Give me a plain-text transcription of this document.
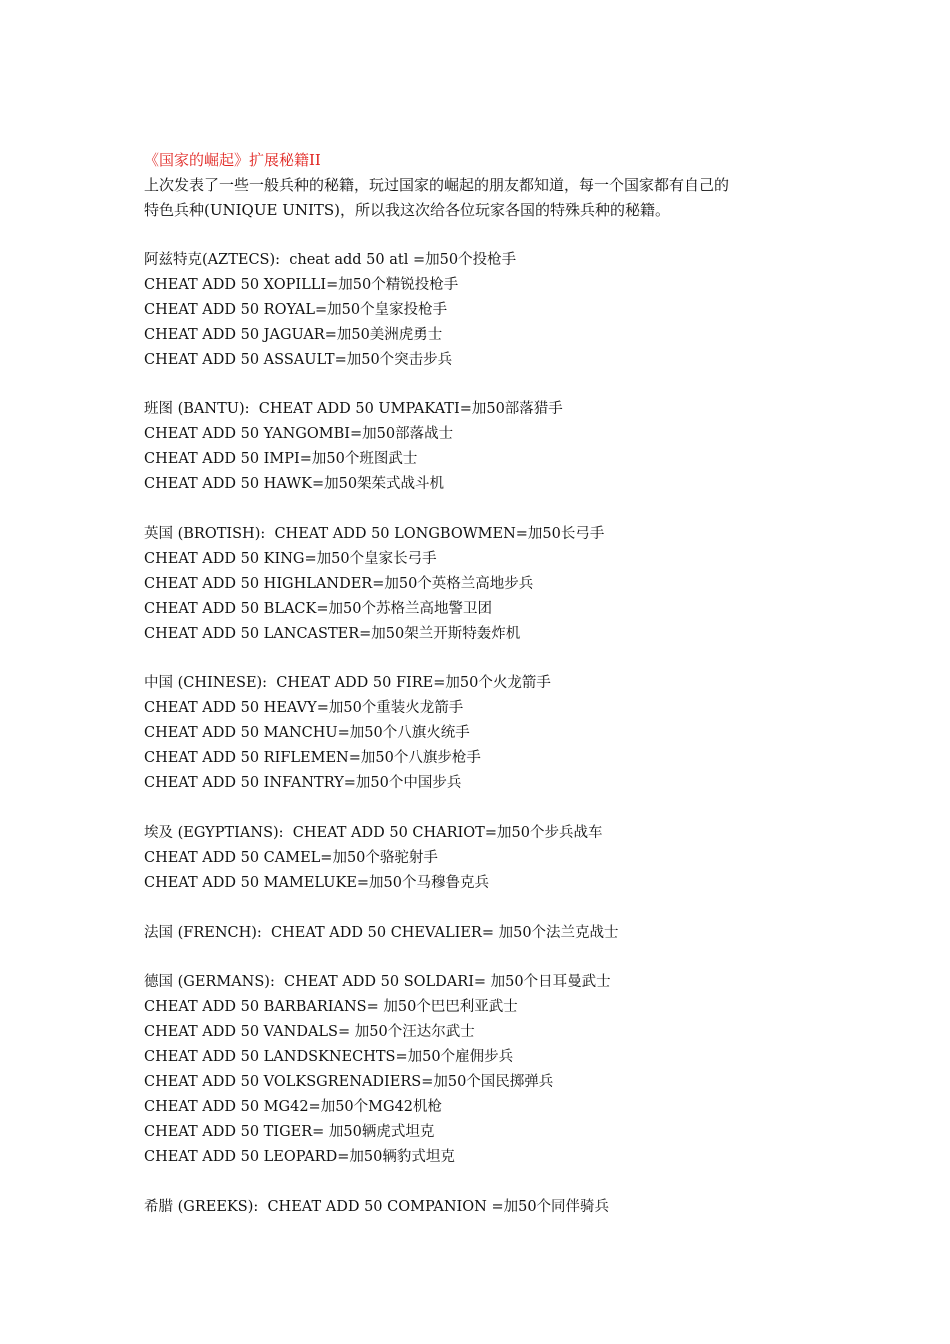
《国家的崛起》扩展秘籍II
上次发表了一些一般兵种的秘籍，玩过国家的崛起的朋友都知道，每一个国家都有自己的
特色兵种(UNIQUE UNITS)，所以我这次给各位玩家各国的特殊兵种的秘籍。
阿兹特克(AZTECS):  cheat add 50 atl =加50个投枪手
CHEAT ADD 50 XOPILLI=加50个精锐投枪手
CHEAT ADD 50 ROYAL=加50个皇家投枪手
CHEAT ADD 50 JAGUAR=加50美洲虎勇士
CHEAT ADD 50 ASSAULT=加50个突击步兵
班图 (BANTU):  CHEAT ADD 50 UMPAKATI=加50部落猎手
CHEAT ADD 50 YANGOMBI=加50部落战士
CHEAT ADD 50 IMPI=加50个班图武士
CHEAT ADD 50 HAWK=加50架茱式战斗机
英国 (BROTISH):  CHEAT ADD 50 LONGBOWMEN=加50长弓手
CHEAT ADD 50 KING=加50个皇家长弓手
CHEAT ADD 50 HIGHLANDER=加50个英格兰高地步兵
CHEAT ADD 50 BLACK=加50个苏格兰高地警卫团
CHEAT ADD 50 LANCASTER=加50架兰开斯特轰炸机
中国 (CHINESE):  CHEAT ADD 50 FIRE=加50个火龙箭手
CHEAT ADD 50 HEAVY=加50个重装火龙箭手
CHEAT ADD 50 MANCHU=加50个八旗火统手
CHEAT ADD 50 RIFLEMEN=加50个八旗步枪手
CHEAT ADD 50 INFANTRY=加50个中国步兵
埃及 (EGYPTIANS):  CHEAT ADD 50 CHARIOT=加50个步兵战车
CHEAT ADD 50 CAMEL=加50个骆驼射手
CHEAT ADD 50 MAMELUKE=加50个马穆鲁克兵
法国 (FRENCH):  CHEAT ADD 50 CHEVALIER= 加50个法兰克战士
德国 (GERMANS):  CHEAT ADD 50 SOLDARI= 加50个日耳曼武士
CHEAT ADD 50 BARBARIANS= 加50个巴巴利亚武士
CHEAT ADD 50 VANDALS= 加50个汪达尔武士
CHEAT ADD 50 LANDSKNECHTS=加50个雇佣步兵
CHEAT ADD 50 VOLKSGRENADIERS=加50个国民掷弹兵
CHEAT ADD 50 MG42=加50个MG42机枪
CHEAT ADD 50 TIGER= 加50辆虎式坦克
CHEAT ADD 50 LEOPARD=加50辆豹式坦克
希腊 (GREEKS):  CHEAT ADD 50 COMPANION =加50个同伴骑兵
